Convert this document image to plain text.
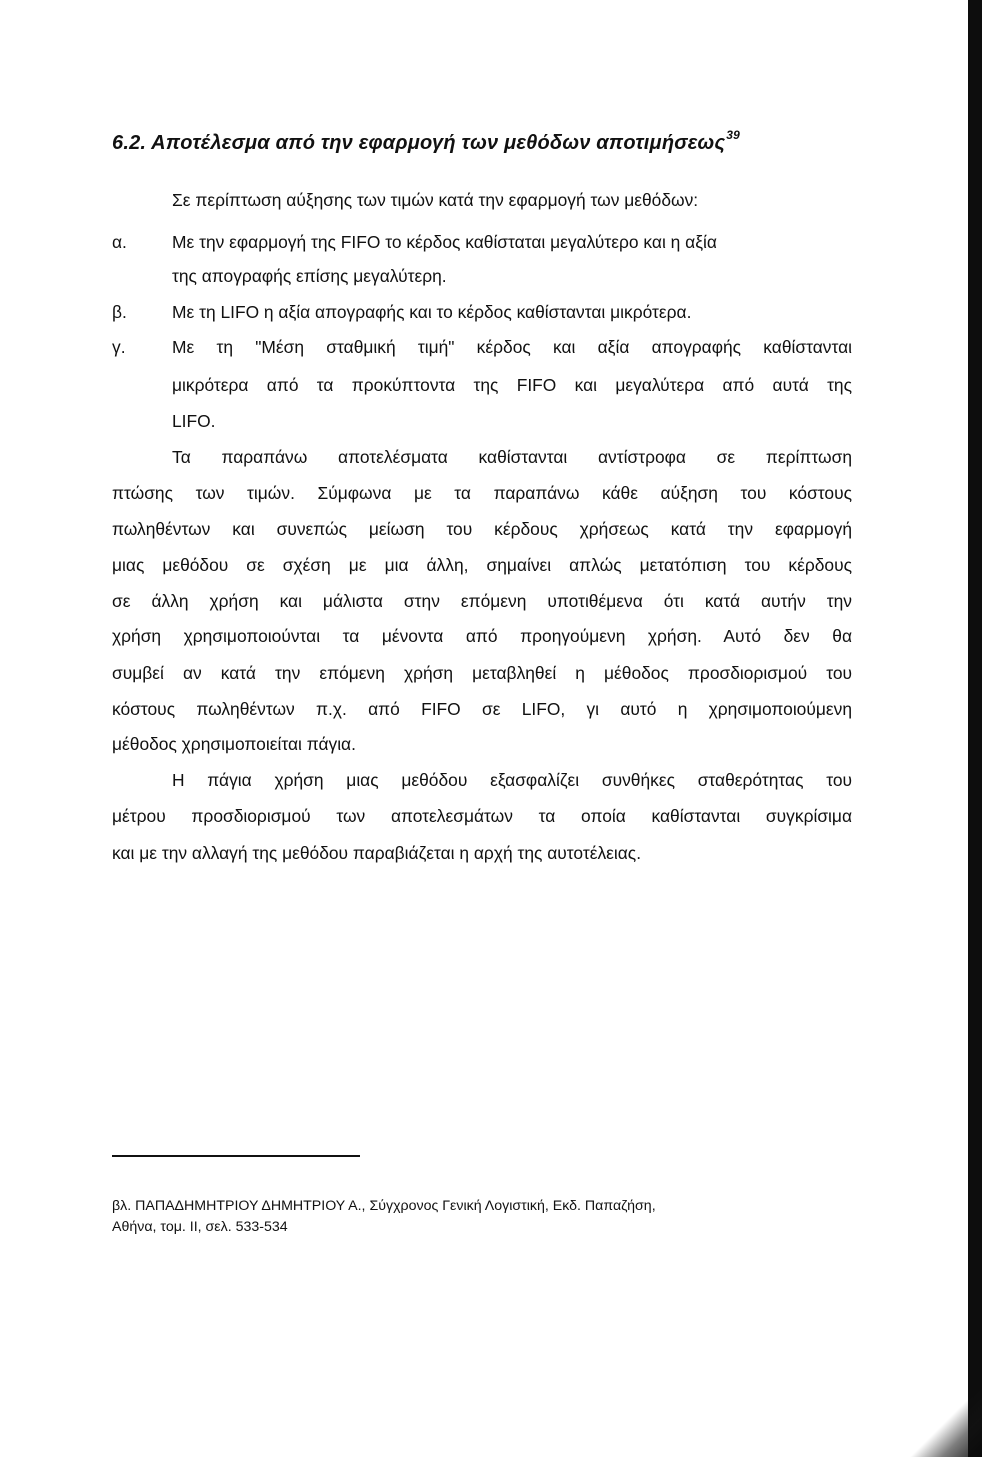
6.2. Αποτέλεσμα από την εφαρμογή των μεθόδων αποτιμήσεως$^{39}$
Σε περίπτωση αύξησης των τιμών κατά την εφαρμογή των μεθόδων:
α.	Με την εφαρμογή της FIFO το κέρδος καθίσταται μεγαλύτερο και η αξία
της απογραφής επίσης μεγαλύτερη.
β.	Με τη LIFO η αξία απογραφής και το κέρδος καθίστανται μικρότερα.
γ.	Με τη "Μέση σταθμική τιμή" κέρδος και αξία απογραφής καθίστανται
μικρότερα από τα προκύπτοντα της FIFO και μεγαλύτερα από αυτά της
LIFO.
Τα παραπάνω αποτελέσματα καθίστανται αντίστροφα σε περίπτωση
πτώσης των τιμών. Σύμφωνα με τα παραπάνω κάθε αύξηση του κόστους
πωληθέντων και συνεπώς μείωση του κέρδους χρήσεως κατά την εφαρμογή
μιας μεθόδου σε σχέση με μια άλλη, σημαίνει απλώς μετατόπιση του κέρδους
σε άλλη χρήση και μάλιστα στην επόμενη υποτιθέμενα ότι κατά αυτήν την
χρήση χρησιμοποιούνται τα μένοντα από προηγούμενη χρήση. Αυτό δεν θα
συμβεί αν κατά την επόμενη χρήση μεταβληθεί η μέθοδος προσδιορισμού του
κόστους πωληθέντων π.χ. από FIFO σε LIFO, γι αυτό η χρησιμοποιούμενη
μέθοδος χρησιμοποιείται πάγια.
Η πάγια χρήση μιας μεθόδου εξασφαλίζει συνθήκες σταθερότητας του
μέτρου προσδιορισμού των αποτελεσμάτων τα οποία καθίστανται συγκρίσιμα
και με την αλλαγή της μεθόδου παραβιάζεται η αρχή της αυτοτέλειας.
βλ. ΠΑΠΑΔΗΜΗΤΡΙΟΥ ΔΗΜΗΤΡΙΟΥ Α., Σύγχρονος Γενική Λογιστική, Εκδ. Παπαζήση,
Αθήνα, τομ. ΙΙ, σελ. 533-534
